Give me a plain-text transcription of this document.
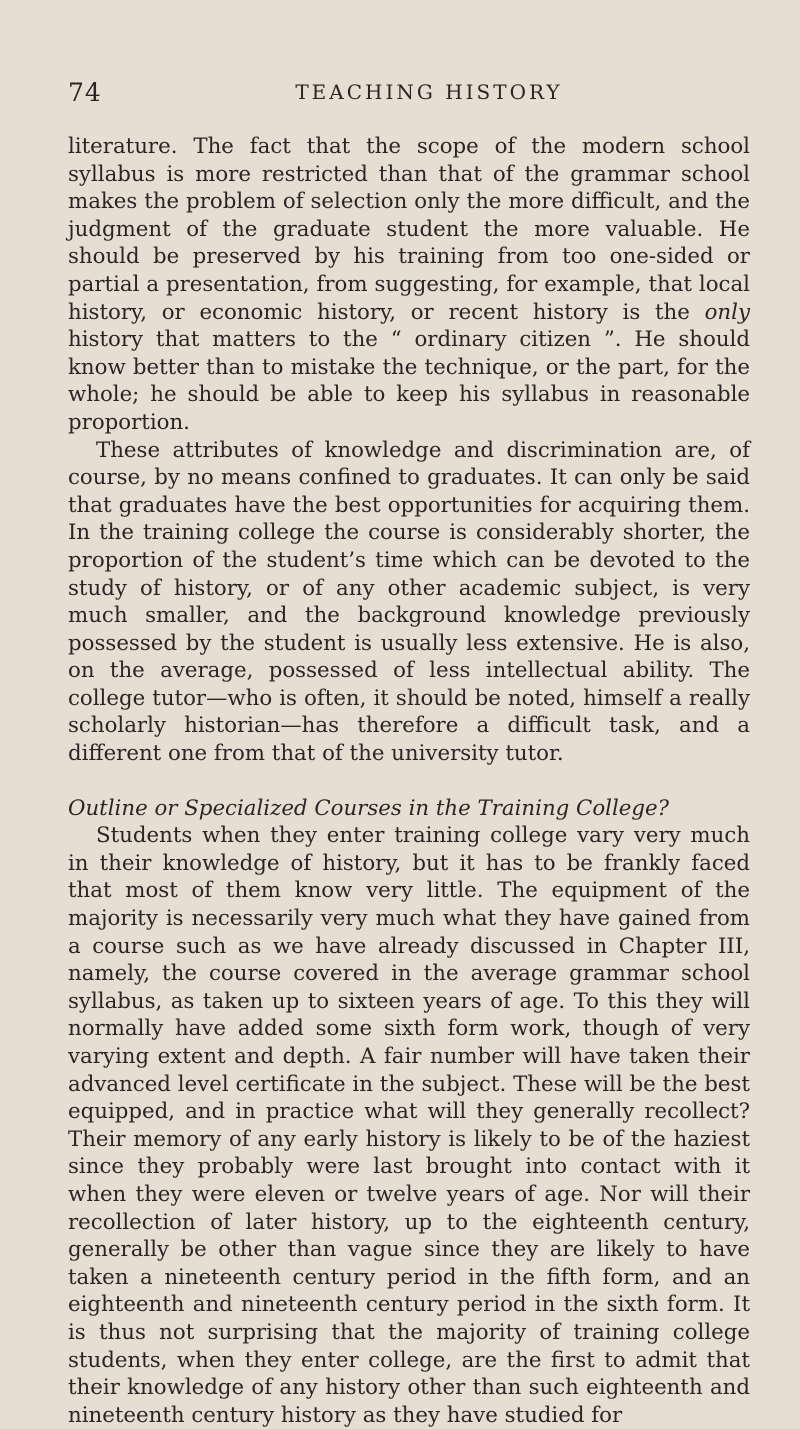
74	TEACHING HISTORY

literature. The fact that the scope of the modern school syllabus is more restricted than that of the grammar school makes the problem of selection only the more difficult, and the judgment of the graduate student the more valuable. He should be preserved by his training from too one-sided or partial a presentation, from suggesting, for example, that local history, or economic history, or recent history is the only history that matters to the “ ordinary citizen ”. He should know better than to mistake the technique, or the part, for the whole; he should be able to keep his syllabus in reasonable proportion.

These attributes of knowledge and discrimination are, of course, by no means confined to graduates. It can only be said that graduates have the best opportunities for acquiring them. In the training college the course is considerably shorter, the proportion of the student’s time which can be devoted to the study of history, or of any other academic subject, is very much smaller, and the background knowledge previously possessed by the student is usually less extensive. He is also, on the average, possessed of less intellectual ability. The college tutor—who is often, it should be noted, himself a really scholarly historian—has therefore a difficult task, and a different one from that of the university tutor.

Outline or Specialized Courses in the Training College?

Students when they enter training college vary very much in their knowledge of history, but it has to be frankly faced that most of them know very little. The equipment of the majority is necessarily very much what they have gained from a course such as we have already discussed in Chapter III, namely, the course covered in the average grammar school syllabus, as taken up to sixteen years of age. To this they will normally have added some sixth form work, though of very varying extent and depth. A fair number will have taken their advanced level certificate in the subject. These will be the best equipped, and in practice what will they generally recollect? Their memory of any early history is likely to be of the haziest since they probably were last brought into contact with it when they were eleven or twelve years of age. Nor will their recollection of later history, up to the eighteenth century, generally be other than vague since they are likely to have taken a nineteenth century period in the fifth form, and an eighteenth and nineteenth century period in the sixth form. It is thus not surprising that the majority of training college students, when they enter college, are the first to admit that their knowledge of any history other than such eighteenth and nineteenth century history as they have studied for
